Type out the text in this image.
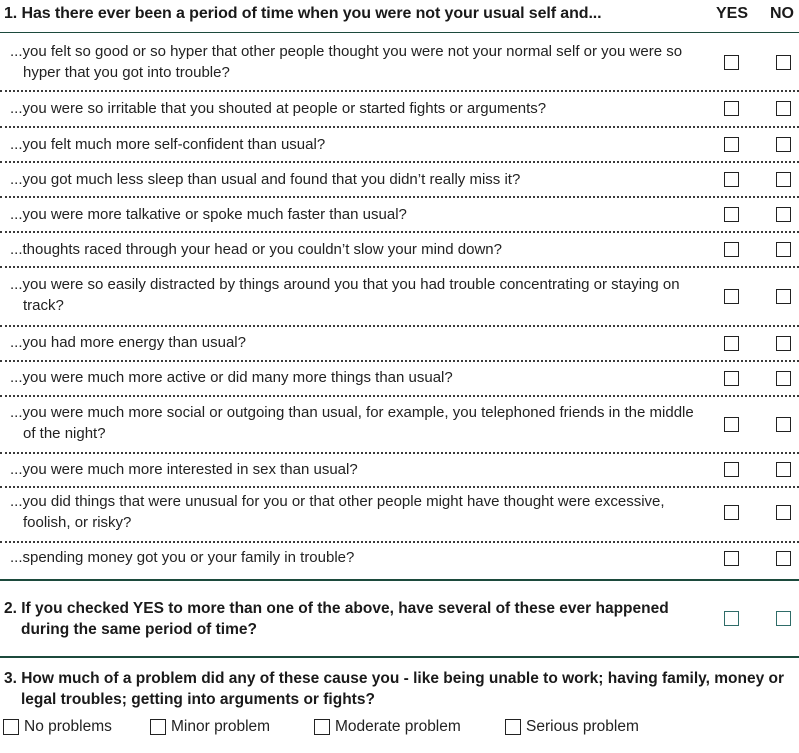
1. Has there ever been a period of time when you were not your usual self and...	YES NO
...you felt so good or so hyper that other people thought you were not your normal self or you were so hyper that you got into trouble?
...you were so irritable that you shouted at people or started fights or arguments?
...you felt much more self-confident than usual?
...you got much less sleep than usual and found that you didn’t really miss it?
...you were more talkative or spoke much faster than usual?
...thoughts raced through your head or you couldn’t slow your mind down?
...you were so easily distracted by things around you that you had trouble concentrating or staying on track?
...you had more energy than usual?
...you were much more active or did many more things than usual?
...you were much more social or outgoing than usual, for example, you telephoned friends in the middle of the night?
...you were much more interested in sex than usual?
...you did things that were unusual for you or that other people might have thought were excessive, foolish, or risky?
...spending money got you or your family in trouble?
2. If you checked YES to more than one of the above, have several of these ever happened during the same period of time?
3. How much of a problem did any of these cause you - like being unable to work; having family, money or legal troubles; getting into arguments or fights?
No problems	Minor problem	Moderate problem	Serious problem
